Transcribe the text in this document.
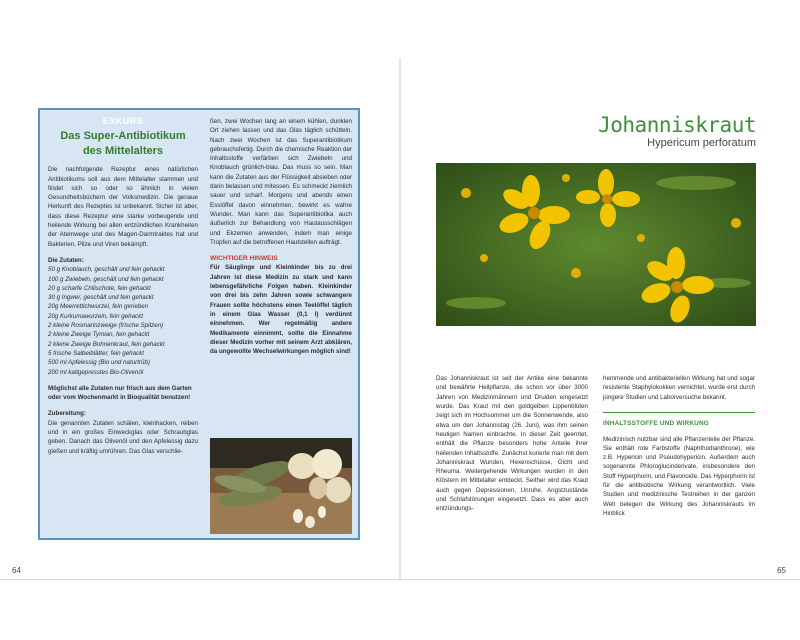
EXKURS
Das Super-Antibiotikum
des Mittelalters

Die nachfolgende Rezeptur eines natürlichen Antibiotikums soll aus dem Mittelalter stammen und findet sich so oder so ähnlich in vielen Gesundheitsbüchern der Volksmedizin. Die genaue Herkunft des Rezeptes ist unbekannt. Sicher ist aber, dass diese Rezeptur eine starke vorbeugende und heilende Wirkung bei allen entzündlichen Krankheiten der Atemwege und des Magen-Darmtraktes hat und Bakterien, Pilze und Viren bekämpft.

Die Zutaten:
50 g Knoblauch, geschält und fein gehackt
100 g Zwiebeln, geschält und fein gehackt
20 g scharfe Chilischote, fein gehackt
30 g Ingwer, geschält und fein gehackt
20g Meerrettichwurzel, fein gerieben
20g Kurkumawurzeln, fein gehackt
2 kleine Rosmarinzweige (frische Spitzen)
2 kleine Zweige Tymian, fein gehackt
2 kleine Zweige Bohnenkraut, fein gehackt
5 frische Salbeiblätter, fein gehackt
500 ml Apfelessig (Bio und naturtrüb)
200 ml kaltgepresstes Bio-Olivenöl

Möglichst alle Zutaten nur frisch aus dem Garten oder vom Wochenmarkt in Bioqualität benutzen!

Zubereitung:

Die genannten Zutaten schälen, kleinhacken, reiben und in ein großes Einweckglas oder Schraubglas geben. Danach das Olivenöl und den Apfelessig dazu gießen und kräftig umrühren. Das Glas verschlie-

ßen, zwei Wochen lang an einem kühlen, dunklen Ort ziehen lassen und das Glas täglich schütteln. Nach zwei Wochen ist das Superantibiotikum gebrauchsfertig. Durch die chemische Reaktion der Inhaltsstoffe verfärben sich Zwiebeln und Knoblauch grünlich-blau. Das muss so sein. Man kann die Zutaten aus der Flüssigkeit absieben oder darin belassen und mitessen. Es schmeckt ziemlich sauer und scharf. Morgens und abends einen Esslöffel davon einnehmen, bewirkt es wahre Wunder. Man kann das Superantibiotika auch äußerlich zur Behandlung von Hautausschlägen und Ekzemen anwenden, indem man einige Tropfen auf die betroffenen Hautstellen aufträgt.

WICHTIGER HINWEIS

Für Säuglinge und Kleinkinder bis zu drei Jahren ist diese Medizin zu stark und kann lebensgefährliche Folgen haben. Kleinkinder von drei bis zehn Jahren sowie schwangere Frauen sollte höchstens einen Teelöffel täglich in einem Glas Wasser (0,1 l) verdünnt einnehmen. Wer regelmäßig andere Medikamente einnimmt, sollte die Einnahme dieser Medizin vorher mit seinem Arzt abklären, da ungewollte Wechselwirkungen möglich sind!

64
Johanniskraut
Hypericum perforatum

Das Johanniskraut ist seit der Antike eine bekannte und bewährte Heilpflanze, die schon vor über 3000 Jahren von Medizinmännern und Druiden eingesetzt wurde. Das Kraut mit den goldgelben Lippenblüten zeigt sich im Hochsommer um die Sonnenwende, also etwa um den Johannistag (26. Juni), was ihm seinen heutigen Namen einbrachte. In dieser Zeit geerntet, enthält die Pflanze besonders hohe Anteile ihrer heilenden Inhaltsstoffe. Zunächst kurierte man mit dem Johanniskraut Wunden, Hexenschüsse, Gicht und Rheuma. Weitergehende Wirkungen wurden in den Klöstern im Mittelalter entdeckt. Seither wird das Kraut auch gegen Depressionen, Unruhe, Angstzustände und Schlafstörungen eingesetzt. Dass es aber auch entzündungs-

hemmende und antibakteriellen Wirkung hat und sogar resistente Staphylokokken vernichtet, wurde erst durch jüngere Studien und Laborversuche bekannt.

INHALTSSTOFFE UND WIRKUNG

Medizinisch nutzbar sind alle Pflanzenteile der Pflanze. Sie enthält rote Farbstoffe (Naphthodianthrone), wie z.B. Hypericin und Pseudohypericin. Außerdem auch sogenannte Phloroglucinderivate, insbesondere den Stoff Hyperphorin, und Flavonoide. Das Hyperphorin ist für die antibiotische Wirkung verantwortlich. Viele Studien und medizinische Testreihen in der ganzen Welt belegen die Wirkung des Johanniskrauts im Hinblick

65
